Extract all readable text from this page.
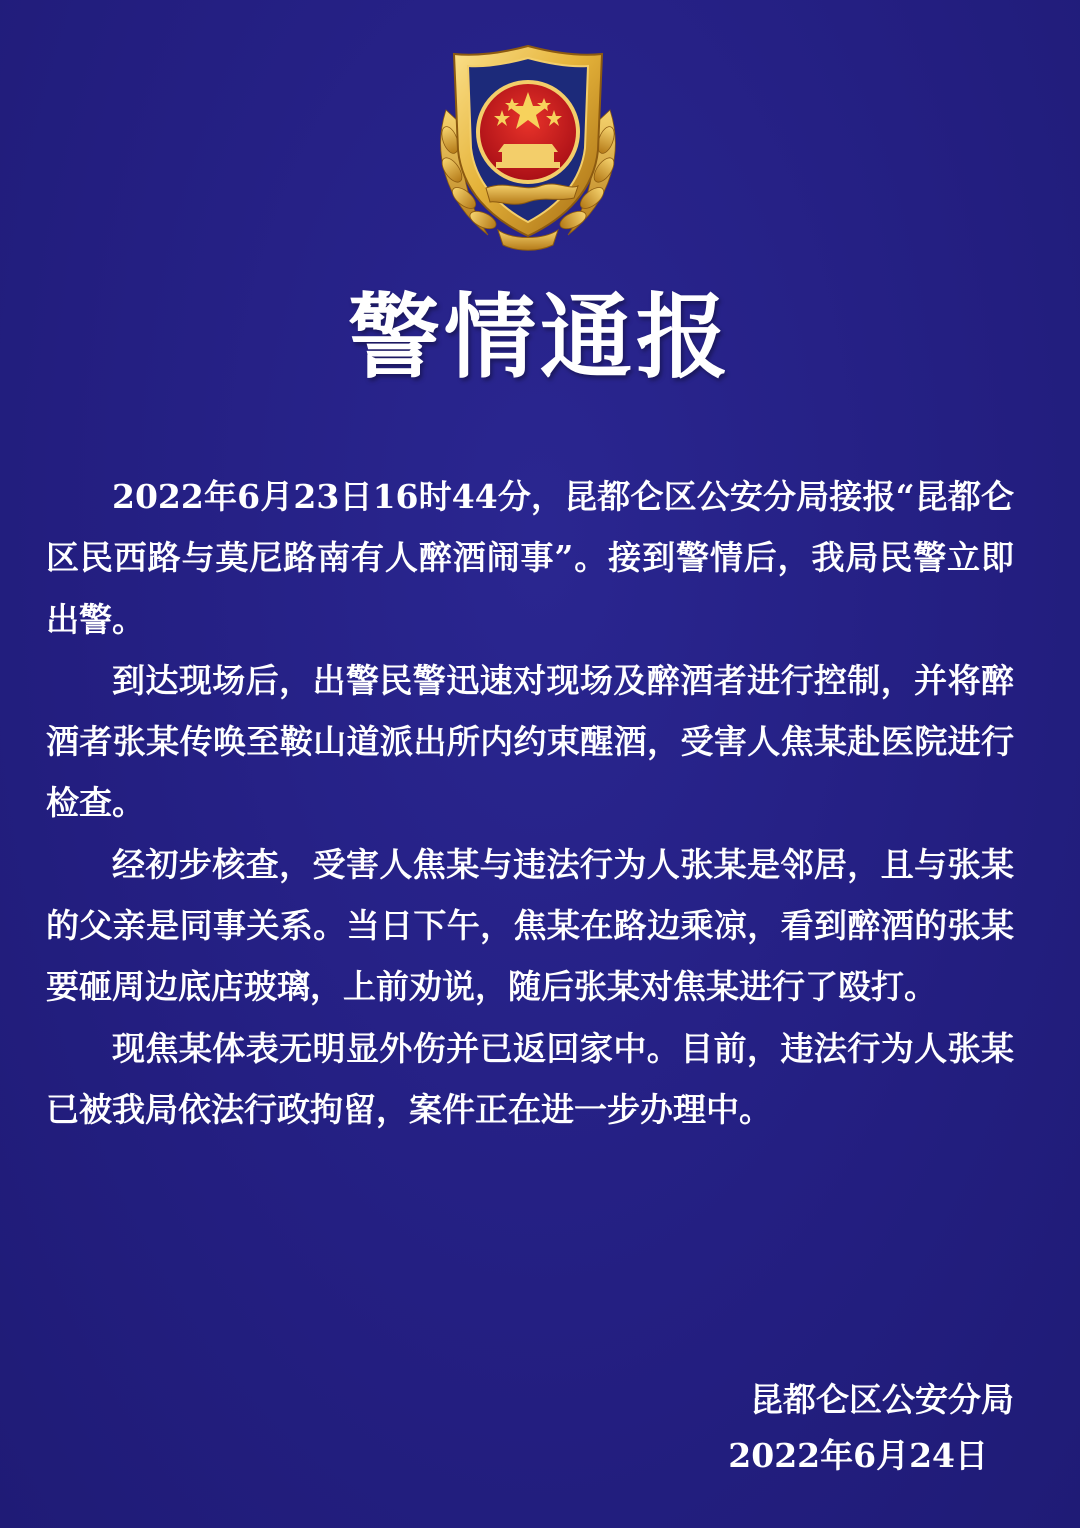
警情通报

2022年6月23日16时44分，昆都仑区公安分局接报“昆都仑区民西路与莫尼路南有人醉酒闹事”。接到警情后，我局民警立即出警。

到达现场后，出警民警迅速对现场及醉酒者进行控制，并将醉酒者张某传唤至鞍山道派出所内约束醒酒，受害人焦某赴医院进行检查。

经初步核查，受害人焦某与违法行为人张某是邻居，且与张某的父亲是同事关系。当日下午，焦某在路边乘凉，看到醉酒的张某要砸周边底店玻璃，上前劝说，随后张某对焦某进行了殴打。

现焦某体表无明显外伤并已返回家中。目前，违法行为人张某已被我局依法行政拘留，案件正在进一步办理中。

昆都仑区公安分局
2022年6月24日
